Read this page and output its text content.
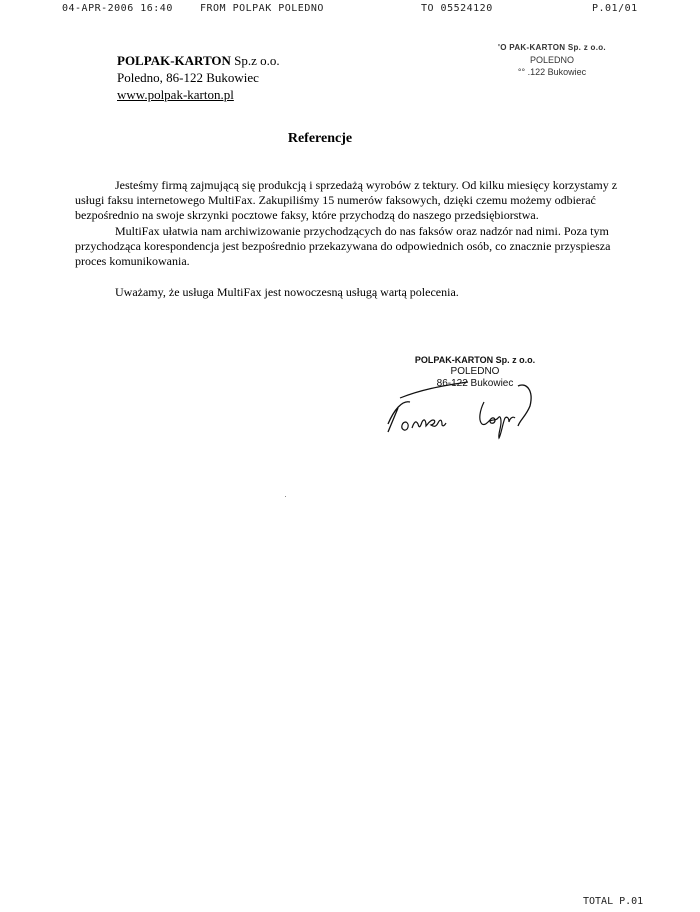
04-APR-2006 16:40	FROM POLPAK POLEDNO	TO 05524120	P.01/01
POLPAK-KARTON Sp.z o.o.
Poledno, 86-122 Bukowiec
www.polpak-karton.pl
'O PAK-KARTON Sp. z o.o.
POLEDNO
°° .122 Bukowiec
Referencje

Jesteśmy firmą zajmującą się produkcją i sprzedażą wyrobów z tektury. Od kilku miesięcy korzystamy z usługi faksu internetowego MultiFax. Zakupiliśmy 15 numerów faksowych, dzięki czemu możemy odbierać bezpośrednio na swoje skrzynki pocztowe faksy, które przychodzą do naszego przedsiębiorstwa.

MultiFax ułatwia nam archiwizowanie przychodzących do nas faksów oraz nadzór nad nimi. Poza tym przychodząca korespondencja jest bezpośrednio przekazywana do odpowiednich osób, co znacznie przyspiesza proces komunikowania.

Uważamy, że usługa MultiFax jest nowoczesną usługą wartą polecenia.

POLPAK-KARTON Sp. z o.o.
POLEDNO
86-122 Bukowiec
TOTAL P.01
